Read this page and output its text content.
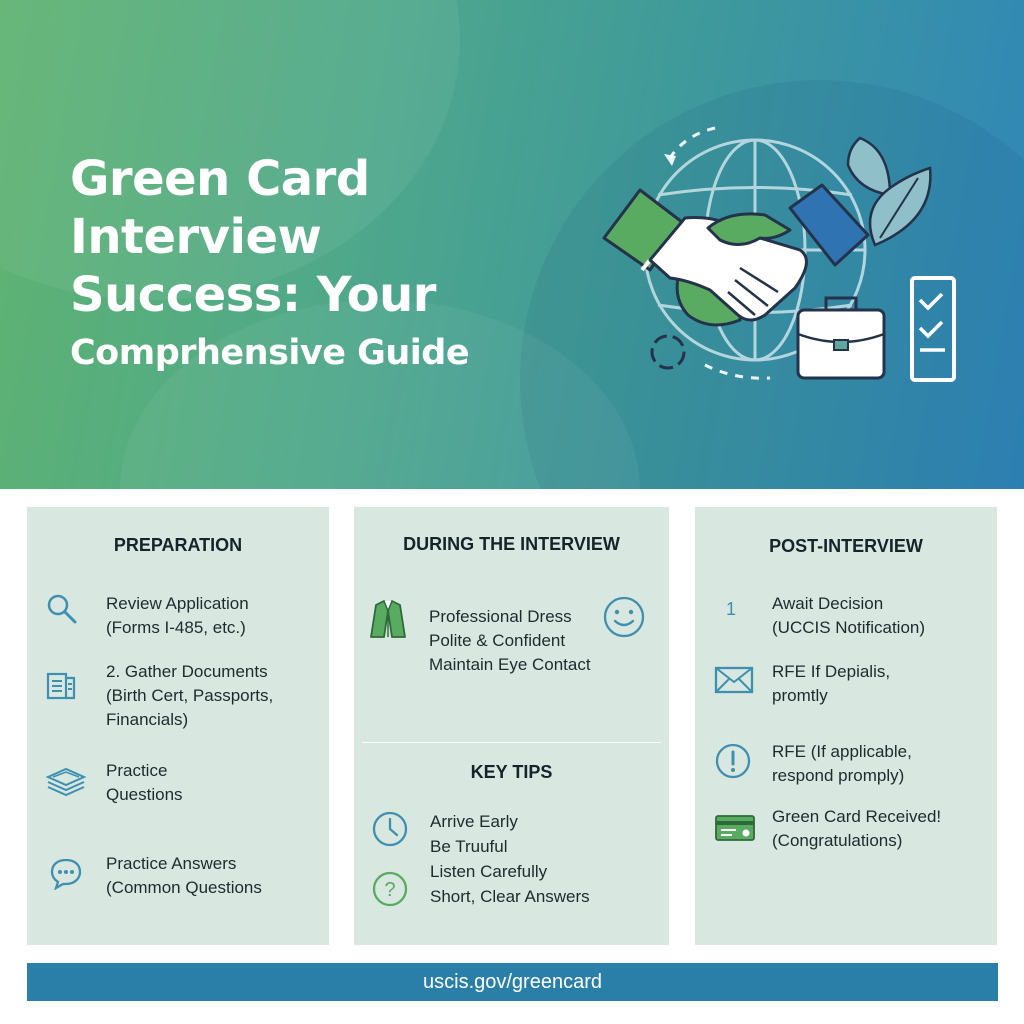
Green Card
Interview
Success: Your
Comprhensive Guide
PREPARATION
Review Application
(Forms I-485, etc.)
2. Gather Documents
(Birth Cert, Passports,
Financials)
Practice
Questions
Practice Answers
(Common Questions
DURING THE INTERVIEW
Professional Dress
Polite & Confident
Maintain Eye Contact
KEY TIPS
?
Arrive Early
Be Truuful
Listen Carefully
Short, Clear Answers
POST-INTERVIEW
1	Await Decision
(UCCIS Notification)
RFE If Depialis,
promtly
RFE (If applicable,
respond promply)
Green Card Received!
(Congratulations)
uscis.gov/greencard
